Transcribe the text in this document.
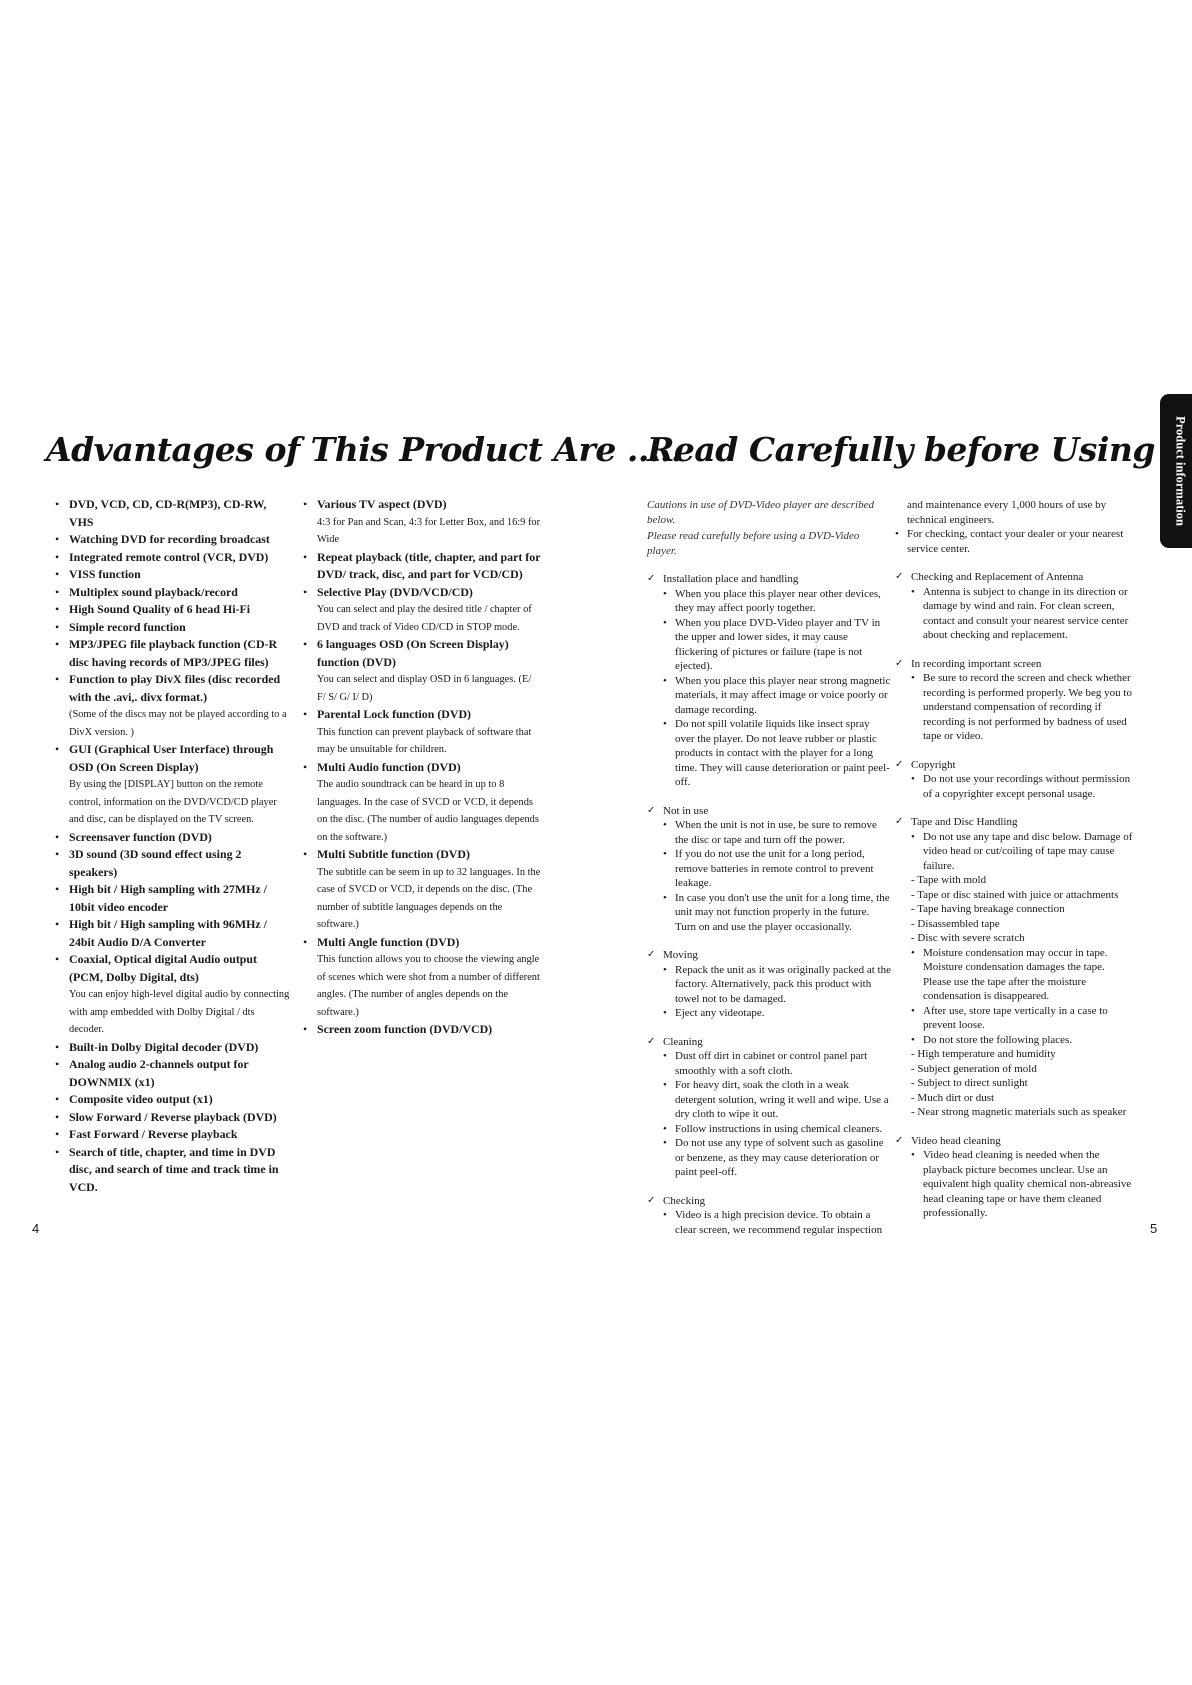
Advantages of This Product Are .....
Read Carefully before Using Product information
• DVD, VCD, CD, CD-R(MP3), CD-RW, VHS
• Watching DVD for recording broadcast
• Integrated remote control (VCR, DVD)
• VISS function
• Multiplex sound playback/record
• High Sound Quality of 6 head Hi-Fi
• Simple record function
• MP3/JPEG file playback function (CD-R disc having records of MP3/JPEG files)
• Function to play DivX files (disc recorded with the .avi,. divx format.)
(Some of the discs may not be played according to a DivX version. )
• GUI (Graphical User Interface) through OSD (On Screen Display)
By using the [DISPLAY] button on the remote control, information on the DVD/VCD/CD player and disc, can be displayed on the TV screen.
• Screensaver function (DVD)
• 3D sound (3D sound effect using 2 speakers)
• High bit / High sampling with 27MHz / 10bit video encoder
• High bit / High sampling with 96MHz / 24bit Audio D/A Converter
• Coaxial, Optical digital Audio output (PCM, Dolby Digital, dts)
You can enjoy high-level digital audio by connecting with amp embedded with Dolby Digital / dts decoder.
• Built-in Dolby Digital decoder (DVD)
• Analog audio 2-channels output for DOWNMIX (x1)
• Composite video output (x1)
• Slow Forward / Reverse playback (DVD)
• Fast Forward / Reverse playback
• Search of title, chapter, and time in DVD disc, and search of time and track time in VCD.
• Various TV aspect (DVD)
4:3 for Pan and Scan, 4:3 for Letter Box, and 16:9 for Wide
• Repeat playback (title, chapter, and part for DVD/ track, disc, and part for VCD/CD)
• Selective Play (DVD/VCD/CD)
You can select and play the desired title / chapter of DVD and track of Video CD/CD in STOP mode.
• 6 languages OSD (On Screen Display) function (DVD)
You can select and display OSD in 6 languages. (E/ F/ S/ G/ I/ D)
• Parental Lock function (DVD)
This function can prevent playback of software that may be unsuitable for children.
• Multi Audio function (DVD)
The audio soundtrack can be heard in up to 8 languages. In the case of SVCD or VCD, it depends on the disc. (The number of audio languages depends on the software.)
• Multi Subtitle function (DVD)
The subtitle can be seem in up to 32 languages. In the case of SVCD or VCD, it depends on the disc. (The number of subtitle languages depends on the software.)
• Multi Angle function (DVD)
This function allows you to choose the viewing angle of scenes which were shot from a number of different angles. (The number of angles depends on the software.)
• Screen zoom function (DVD/VCD)

Cautions in use of DVD-Video player are described below.

Please read carefully before using a DVD-Video player.

✓ Installation place and handling
• When you place this player near other devices, they may affect poorly together.
• When you place DVD-Video player and TV in the upper and lower sides, it may cause flickering of pictures or failure (tape is not ejected).
• When you place this player near strong magnetic materials, it may affect image or voice poorly or damage recording.
• Do not spill volatile liquids like insect spray over the player. Do not leave rubber or plastic products in contact with the player for a long time. They will cause deterioration or paint peel-off.
✓ Not in use
• When the unit is not in use, be sure to remove the disc or tape and turn off the power.
• If you do not use the unit for a long period, remove batteries in remote control to prevent leakage.
• In case you don't use the unit for a long time, the unit may not function properly in the future. Turn on and use the player occasionally.
✓ Moving
• Repack the unit as it was originally packed at the factory. Alternatively, pack this product with towel not to be damaged.
• Eject any videotape.
✓ Cleaning
• Dust off dirt in cabinet or control panel part smoothly with a soft cloth.
• For heavy dirt, soak the cloth in a weak detergent solution, wring it well and wipe. Use a dry cloth to wipe it out.
• Follow instructions in using chemical cleaners.
• Do not use any type of solvent such as gasoline or benzene, as they may cause deterioration or paint peel-off.
✓ Checking
• Video is a high precision device. To obtain a clear screen, we recommend regular inspection
and maintenance every 1,000 hours of use by technical engineers.
• For checking, contact your dealer or your nearest service center.
✓ Checking and Replacement of Antenna
• Antenna is subject to change in its direction or damage by wind and rain. For clean screen, contact and consult your nearest service center about checking and replacement.
✓ In recording important screen
• Be sure to record the screen and check whether recording is performed properly. We beg you to understand compensation of recording if recording is not performed by badness of used tape or video.
✓ Copyright
• Do not use your recordings without permission of a copyrighter except personal usage.
✓ Tape and Disc Handling
• Do not use any tape and disc below. Damage of video head or cut/coiling of tape may cause failure.
- Tape with mold
- Tape or disc stained with juice or attachments
- Tape having breakage connection
- Disassembled tape
- Disc with severe scratch
• Moisture condensation may occur in tape. Moisture condensation damages the tape. Please use the tape after the moisture condensation is disappeared.
• After use, store tape vertically in a case to prevent loose.
• Do not store the following places.
- High temperature and humidity
- Subject generation of mold
- Subject to direct sunlight
- Much dirt or dust
- Near strong magnetic materials such as speaker
✓ Video head cleaning
• Video head cleaning is needed when the playback picture becomes unclear. Use an equivalent high quality chemical non-abreasive head cleaning tape or have them cleaned professionally.
4	5
